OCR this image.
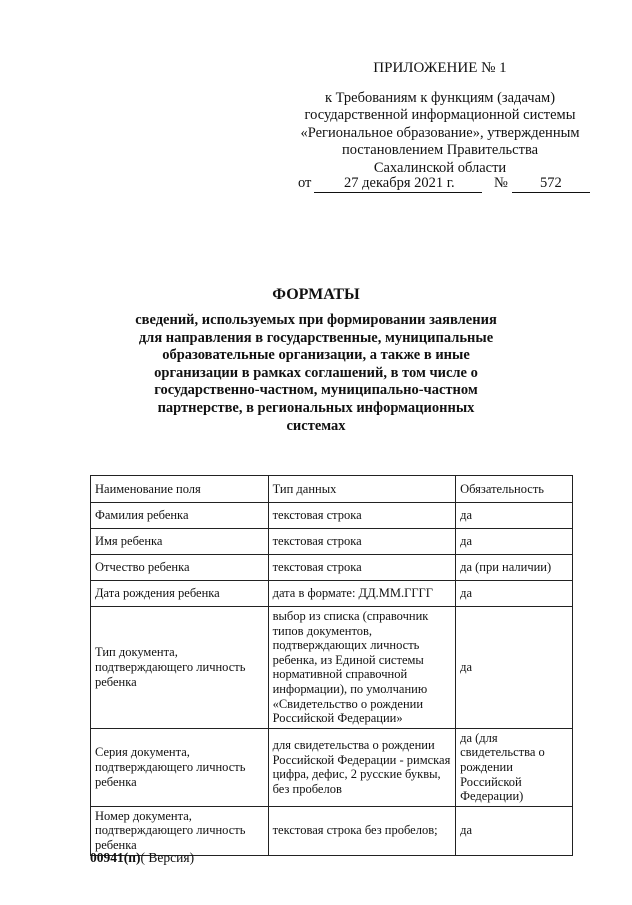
ПРИЛОЖЕНИЕ № 1
к Требованиям к функциям (задачам)
государственной информационной системы
«Региональное образование», утвержденным
постановлением Правительства
Сахалинской области
от 27 декабря 2021 г.	№ 572
ФОРМАТЫ
сведений, используемых при формировании заявления
для направления в государственные, муниципальные
образовательные организации, а также в иные
организации в рамках соглашений, в том числе о
государственно-частном, муниципально-частном
партнерстве, в региональных информационных
системах
Наименование поля	Тип данных	Обязательность
Фамилия ребенка	текстовая строка	да
Имя ребенка	текстовая строка	да
Отчество ребенка	текстовая строка	да (при наличии)
Дата рождения ребенка	дата в формате: ДД.ММ.ГГГГ	да
Тип документа, подтверждающего личность ребенка	выбор из списка (справочник типов документов, подтверждающих личность ребенка, из Единой системы нормативной справочной информации), по умолчанию «Свидетельство о рождении Российской Федерации»	да
Серия документа, подтверждающего личность ребенка	для свидетельства о рождении Российской Федерации - римская цифра, дефис, 2 русские буквы, без пробелов	да (для свидетельства о рождении Российской Федерации)
Номер документа, подтверждающего личность ребенка	текстовая строка без пробелов;	да
00941(п)( Версия)
